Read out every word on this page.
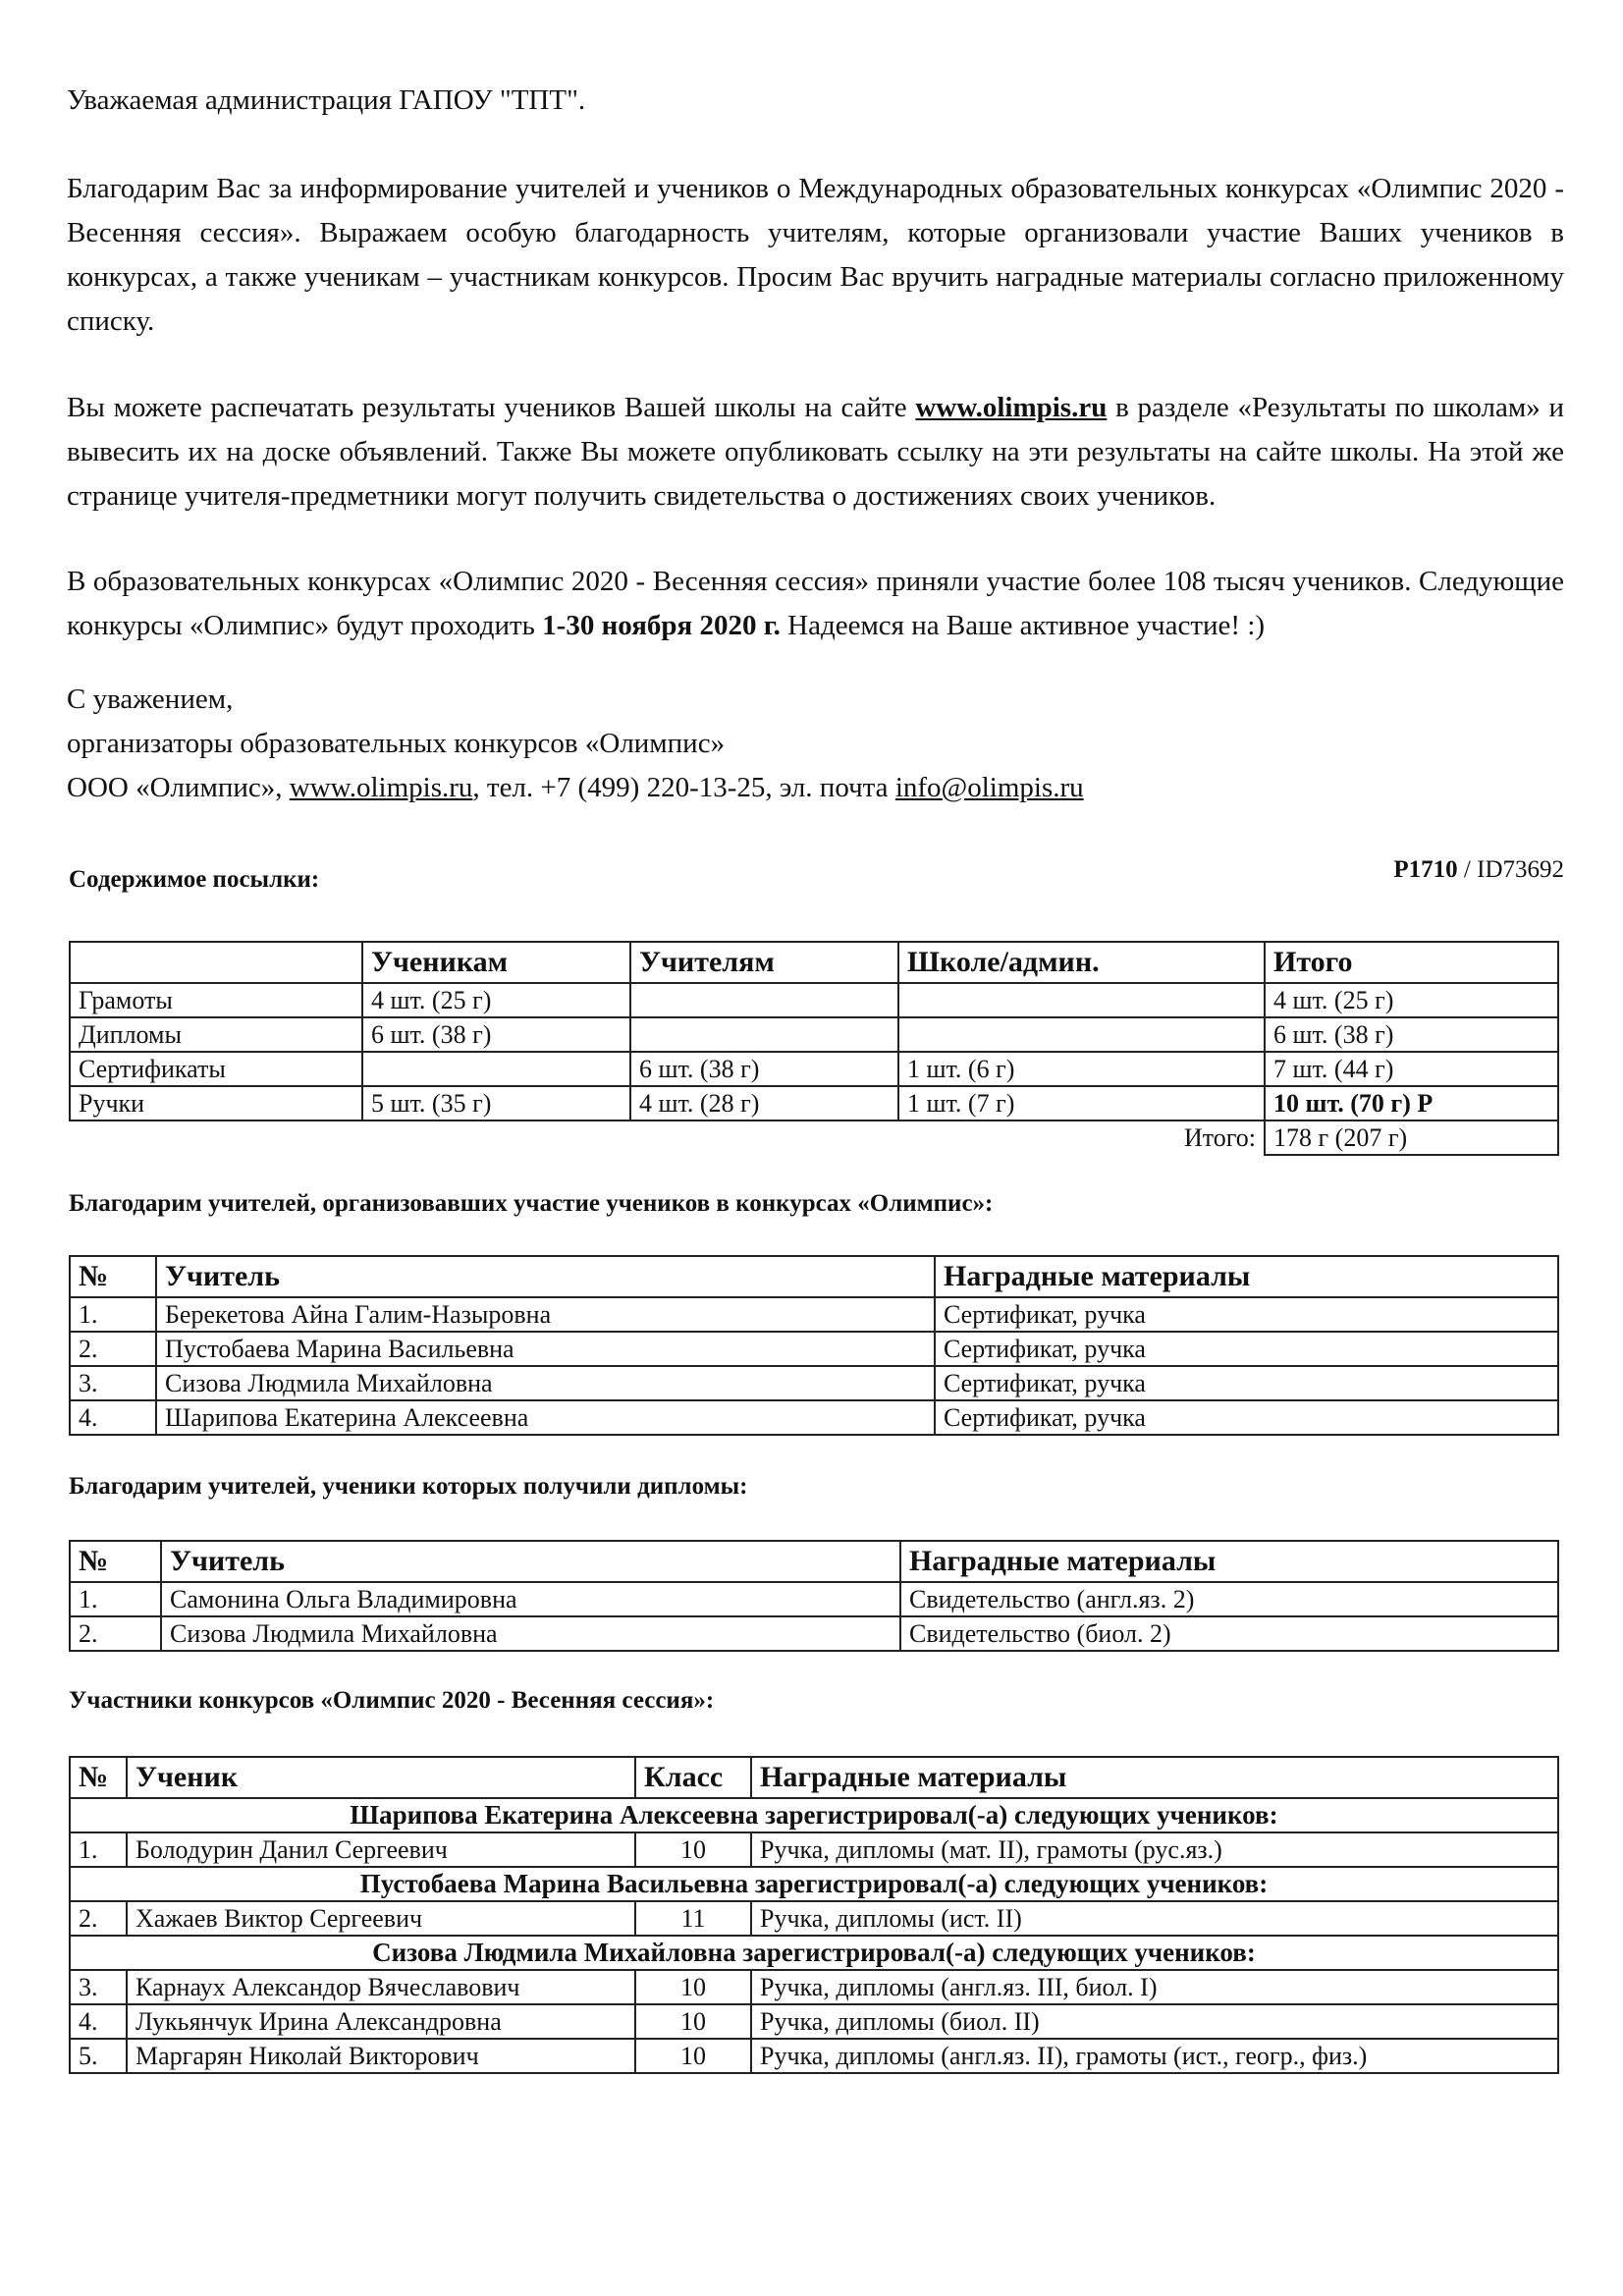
Уважаемая администрация ГАПОУ "ТПТ".

Благодарим Вас за информирование учителей и учеников о Международных образовательных конкурсах «Олимпис 2020 - Весенняя сессия». Выражаем особую благодарность учителям, которые организовали участие Ваших учеников в конкурсах, а также ученикам – участникам конкурсов. Просим Вас вручить наградные материалы согласно приложенному списку.

Вы можете распечатать результаты учеников Вашей школы на сайте www.olimpis.ru в разделе «Результаты по школам» и вывесить их на доске объявлений. Также Вы можете опубликовать ссылку на эти результаты на сайте школы. На этой же странице учителя-предметники могут получить свидетельства о достижениях своих учеников.

В образовательных конкурсах «Олимпис 2020 - Весенняя сессия» приняли участие более 108 тысяч учеников. Следующие конкурсы «Олимпис» будут проходить 1-30 ноября 2020 г. Надеемся на Ваше активное участие! :)

С уважением,
организаторы образовательных конкурсов «Олимпис»
ООО «Олимпис», www.olimpis.ru, тел. +7 (499) 220-13-25, эл. почта info@olimpis.ru
Содержимое посылки:	P1710 / ID73692
	Ученикам	Учителям	Школе/админ.	Итого
Грамоты	4 шт. (25 г)			4 шт. (25 г)
Дипломы	6 шт. (38 г)			6 шт. (38 г)
Сертификаты		6 шт. (38 г)	1 шт. (6 г)	7 шт. (44 г)
Ручки	5 шт. (35 г)	4 шт. (28 г)	1 шт. (7 г)	10 шт. (70 г) Р
Итого:				178 г (207 г)
Благодарим учителей, организовавших участие учеников в конкурсах «Олимпис»:
№	Учитель	Наградные материалы
1.	Берекетова Айна Галим-Назыровна	Сертификат, ручка
2.	Пустобаева Марина Васильевна	Сертификат, ручка
3.	Сизова Людмила Михайловна	Сертификат, ручка
4.	Шарипова Екатерина Алексеевна	Сертификат, ручка
Благодарим учителей, ученики которых получили дипломы:
№	Учитель	Наградные материалы
1.	Самонина Ольга Владимировна	Свидетельство (англ.яз. 2)
2.	Сизова Людмила Михайловна	Свидетельство (биол. 2)
Участники конкурсов «Олимпис 2020 - Весенняя сессия»:
№	Ученик	Класс	Наградные материалы
Шарипова Екатерина Алексеевна зарегистрировал(-а) следующих учеников:			
1.	Болодурин Данил Сергеевич	10	Ручка, дипломы (мат. II), грамоты (рус.яз.)
Пустобаева Марина Васильевна зарегистрировал(-а) следующих учеников:			
2.	Хажаев Виктор Сергеевич	11	Ручка, дипломы (ист. II)
Сизова Людмила Михайловна зарегистрировал(-а) следующих учеников:			
3.	Карнаух Александор Вячеславович	10	Ручка, дипломы (англ.яз. III, биол. I)
4.	Лукьянчук Ирина Александровна	10	Ручка, дипломы (биол. II)
5.	Маргарян Николай Викторович	10	Ручка, дипломы (англ.яз. II), грамоты (ист., геогр., физ.)
